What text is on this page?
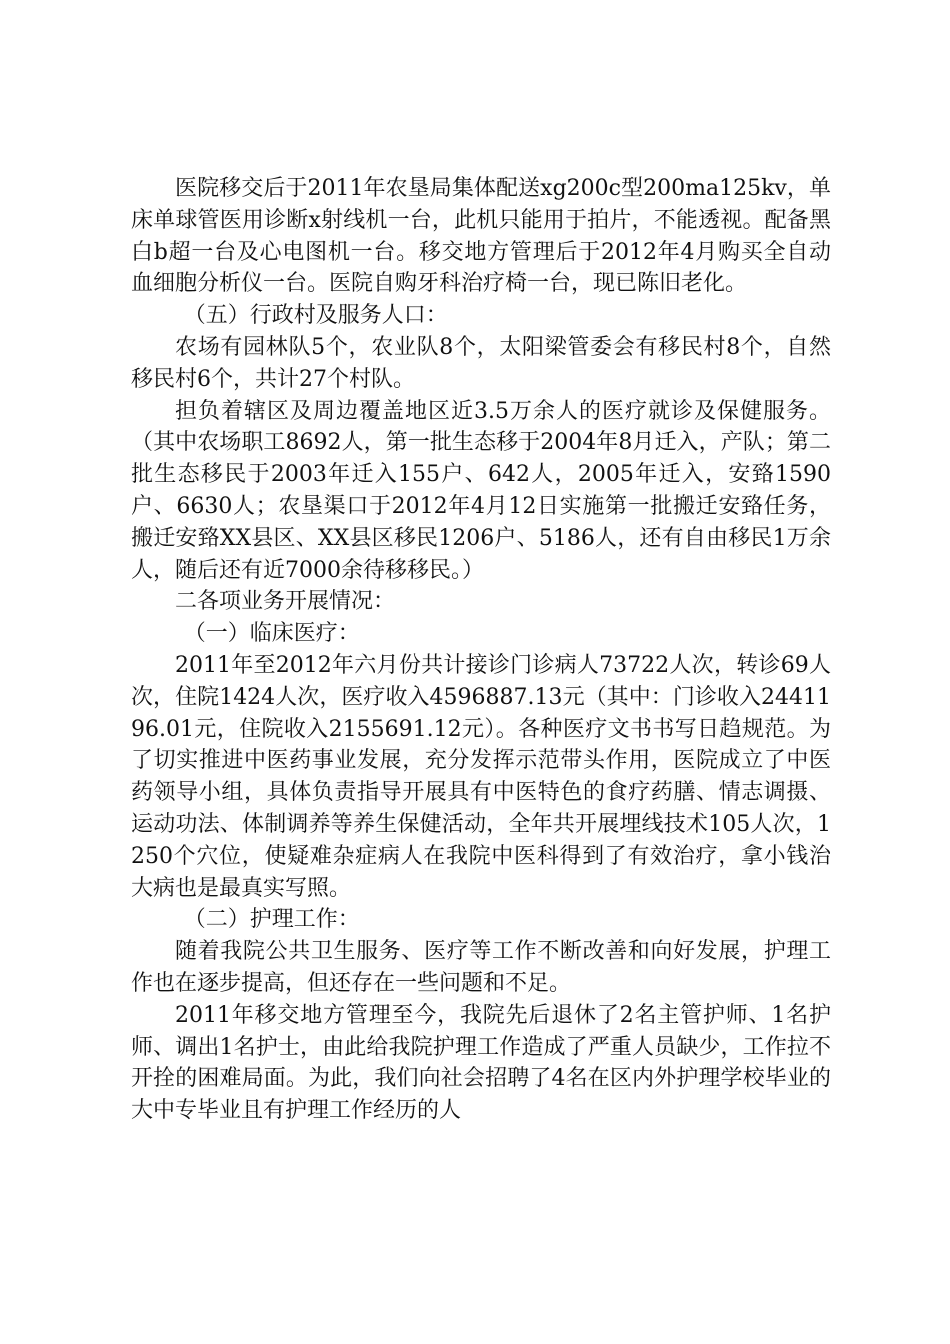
医院移交后于2011年农垦局集体配送xg200c型200ma125kv，单床单球管医用诊断x射线机一台，此机只能用于拍片，不能透视。配备黑白b超一台及心电图机一台。移交地方管理后于2012年4月购买全自动血细胞分析仪一台。医院自购牙科治疗椅一台，现已陈旧老化。

（五）行政村及服务人口：

农场有园林队5个，农业队8个，太阳梁管委会有移民村8个，自然移民村6个，共计27个村队。

担负着辖区及周边覆盖地区近3.5万余人的医疗就诊及保健服务。（其中农场职工8692人，第一批生态移于2004年8月迁入，产队；第二批生态移民于2003年迁入155户、642人，2005年迁入，安臵1590户、6630人；农垦渠口于2012年4月12日实施第一批搬迁安臵任务，搬迁安臵XX县区、XX县区移民1206户、5186人，还有自由移民1万余人，随后还有近7000余待移移民。）

二各项业务开展情况：

（一）临床医疗：

2011年至2012年六月份共计接诊门诊病人73722人次，转诊69人次，住院1424人次，医疗收入4596887.13元（其中：门诊收入2441196.01元，住院收入2155691.12元）。各种医疗文书书写日趋规范。为了切实推进中医药事业发展，充分发挥示范带头作用，医院成立了中医药领导小组，具体负责指导开展具有中医特色的食疗药膳、情志调摄、运动功法、体制调养等养生保健活动，全年共开展埋线技术105人次，1250个穴位，使疑难杂症病人在我院中医科得到了有效治疗，拿小钱治大病也是最真实写照。

（二）护理工作：

随着我院公共卫生服务、医疗等工作不断改善和向好发展，护理工作也在逐步提高，但还存在一些问题和不足。

2011年移交地方管理至今，我院先后退休了2名主管护师、1名护师、调出1名护士，由此给我院护理工作造成了严重人员缺少，工作拉不开拴的困难局面。为此，我们向社会招聘了4名在区内外护理学校毕业的大中专毕业且有护理工作经历的人
